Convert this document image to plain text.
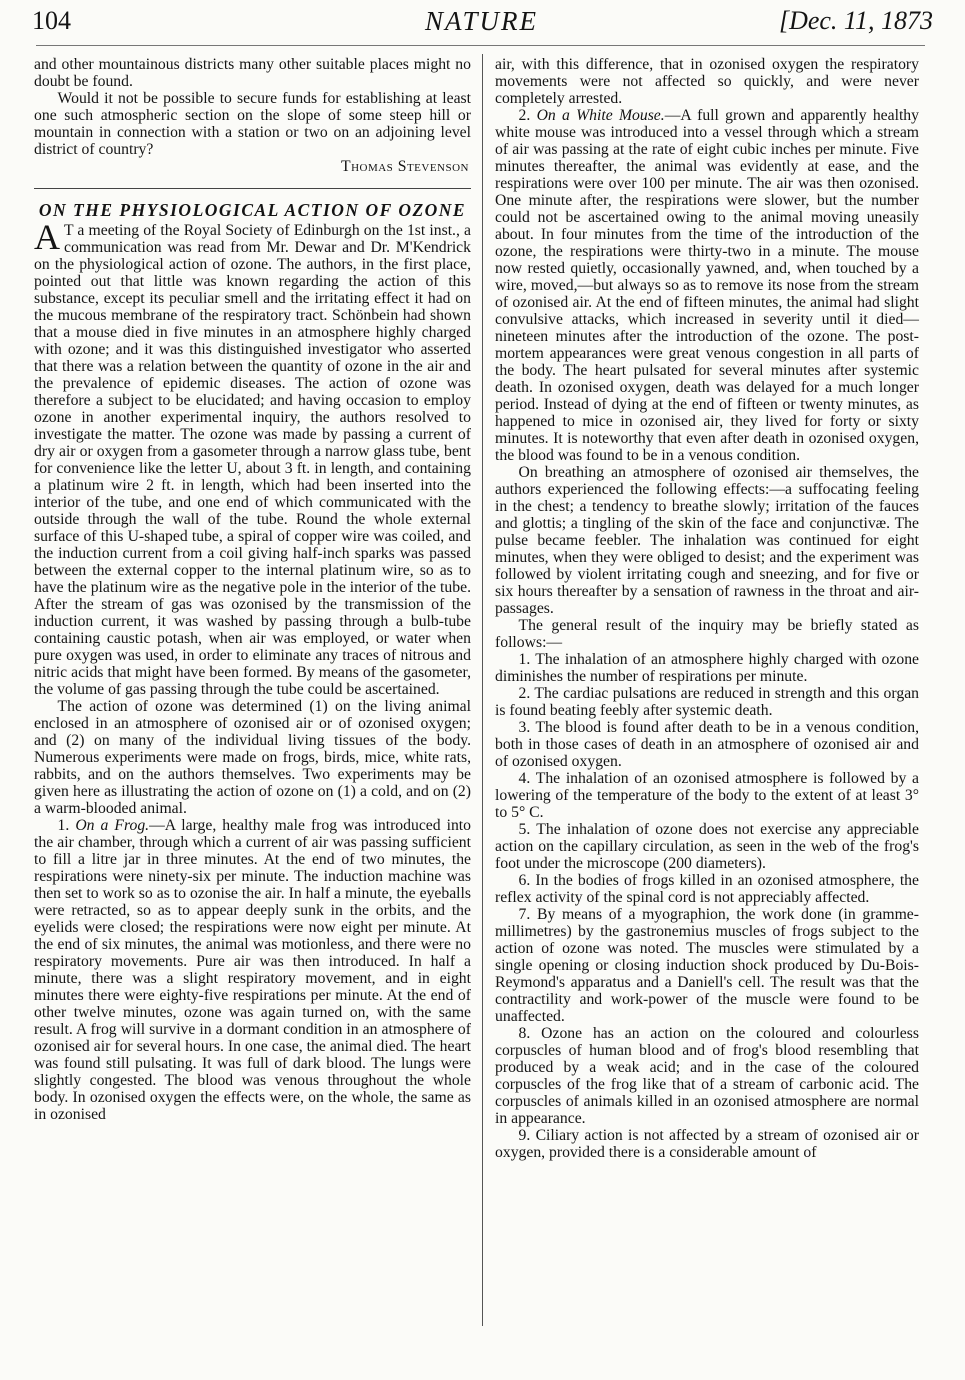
104	NATURE	[Dec. 11, 1873

and other mountainous districts many other suitable places might no doubt be found.

Would it not be possible to secure funds for establishing at least one such atmospheric section on the slope of some steep hill or mountain in connection with a station or two on an adjoining level district of country?

Thomas Stevenson

ON THE PHYSIOLOGICAL ACTION OF OZONE

A T a meeting of the Royal Society of Edinburgh on the 1st inst., a communication was read from Mr. Dewar and Dr. M'Kendrick on the physiological action of ozone. The authors, in the first place, pointed out that little was known regarding the action of this substance, except its peculiar smell and the irritating effect it had on the mucous membrane of the respiratory tract. Schönbein had shown that a mouse died in five minutes in an atmosphere highly charged with ozone; and it was this distinguished investigator who asserted that there was a relation between the quantity of ozone in the air and the prevalence of epidemic diseases. The action of ozone was therefore a subject to be elucidated; and having occasion to employ ozone in another experimental inquiry, the authors resolved to investigate the matter. The ozone was made by passing a current of dry air or oxygen from a gasometer through a narrow glass tube, bent for convenience like the letter U, about 3 ft. in length, and containing a platinum wire 2 ft. in length, which had been inserted into the interior of the tube, and one end of which communicated with the outside through the wall of the tube. Round the whole external surface of this U-shaped tube, a spiral of copper wire was coiled, and the induction current from a coil giving half-inch sparks was passed between the external copper to the internal platinum wire, so as to have the platinum wire as the negative pole in the interior of the tube. After the stream of gas was ozonised by the transmission of the induction current, it was washed by passing through a bulb-tube containing caustic potash, when air was employed, or water when pure oxygen was used, in order to eliminate any traces of nitrous and nitric acids that might have been formed. By means of the gasometer, the volume of gas passing through the tube could be ascertained.

The action of ozone was determined (1) on the living animal enclosed in an atmosphere of ozonised air or of ozonised oxygen; and (2) on many of the individual living tissues of the body. Numerous experiments were made on frogs, birds, mice, white rats, rabbits, and on the authors themselves. Two experiments may be given here as illustrating the action of ozone on (1) a cold, and on (2) a warm-blooded animal.

1. On a Frog.—A large, healthy male frog was introduced into the air chamber, through which a current of air was passing sufficient to fill a litre jar in three minutes. At the end of two minutes, the respirations were ninety-six per minute. The induction machine was then set to work so as to ozonise the air. In half a minute, the eyeballs were retracted, so as to appear deeply sunk in the orbits, and the eyelids were closed; the respirations were now eight per minute. At the end of six minutes, the animal was motionless, and there were no respiratory movements. Pure air was then introduced. In half a minute, there was a slight respiratory movement, and in eight minutes there were eighty-five respirations per minute. At the end of other twelve minutes, ozone was again turned on, with the same result. A frog will survive in a dormant condition in an atmosphere of ozonised air for several hours. In one case, the animal died. The heart was found still pulsating. It was full of dark blood. The lungs were slightly congested. The blood was venous throughout the whole body. In ozonised oxygen the effects were, on the whole, the same as in ozonised

air, with this difference, that in ozonised oxygen the respiratory movements were not affected so quickly, and were never completely arrested.

2. On a White Mouse.—A full grown and apparently healthy white mouse was introduced into a vessel through which a stream of air was passing at the rate of eight cubic inches per minute. Five minutes thereafter, the animal was evidently at ease, and the respirations were over 100 per minute. The air was then ozonised. One minute after, the respirations were slower, but the number could not be ascertained owing to the animal moving uneasily about. In four minutes from the time of the introduction of the ozone, the respirations were thirty-two in a minute. The mouse now rested quietly, occasionally yawned, and, when touched by a wire, moved,—but always so as to remove its nose from the stream of ozonised air. At the end of fifteen minutes, the animal had slight convulsive attacks, which increased in severity until it died—nineteen minutes after the introduction of the ozone. The post-mortem appearances were great venous congestion in all parts of the body. The heart pulsated for several minutes after systemic death. In ozonised oxygen, death was delayed for a much longer period. Instead of dying at the end of fifteen or twenty minutes, as happened to mice in ozonised air, they lived for forty or sixty minutes. It is noteworthy that even after death in ozonised oxygen, the blood was found to be in a venous condition.

On breathing an atmosphere of ozonised air themselves, the authors experienced the following effects:—a suffocating feeling in the chest; a tendency to breathe slowly; irritation of the fauces and glottis; a tingling of the skin of the face and conjunctivæ. The pulse became feebler. The inhalation was continued for eight minutes, when they were obliged to desist; and the experiment was followed by violent irritating cough and sneezing, and for five or six hours thereafter by a sensation of rawness in the throat and air-passages.

The general result of the inquiry may be briefly stated as follows:—

1. The inhalation of an atmosphere highly charged with ozone diminishes the number of respirations per minute.

2. The cardiac pulsations are reduced in strength and this organ is found beating feebly after systemic death.

3. The blood is found after death to be in a venous condition, both in those cases of death in an atmosphere of ozonised air and of ozonised oxygen.

4. The inhalation of an ozonised atmosphere is followed by a lowering of the temperature of the body to the extent of at least 3° to 5° C.

5. The inhalation of ozone does not exercise any appreciable action on the capillary circulation, as seen in the web of the frog's foot under the microscope (200 diameters).

6. In the bodies of frogs killed in an ozonised atmosphere, the reflex activity of the spinal cord is not appreciably affected.

7. By means of a myographion, the work done (in gramme-millimetres) by the gastronemius muscles of frogs subject to the action of ozone was noted. The muscles were stimulated by a single opening or closing induction shock produced by Du-Bois-Reymond's apparatus and a Daniell's cell. The result was that the contractility and work-power of the muscle were found to be unaffected.

8. Ozone has an action on the coloured and colourless corpuscles of human blood and of frog's blood resembling that produced by a weak acid; and in the case of the coloured corpuscles of the frog like that of a stream of carbonic acid. The corpuscles of animals killed in an ozonised atmosphere are normal in appearance.

9. Ciliary action is not affected by a stream of ozonised air or oxygen, provided there is a considerable amount of
